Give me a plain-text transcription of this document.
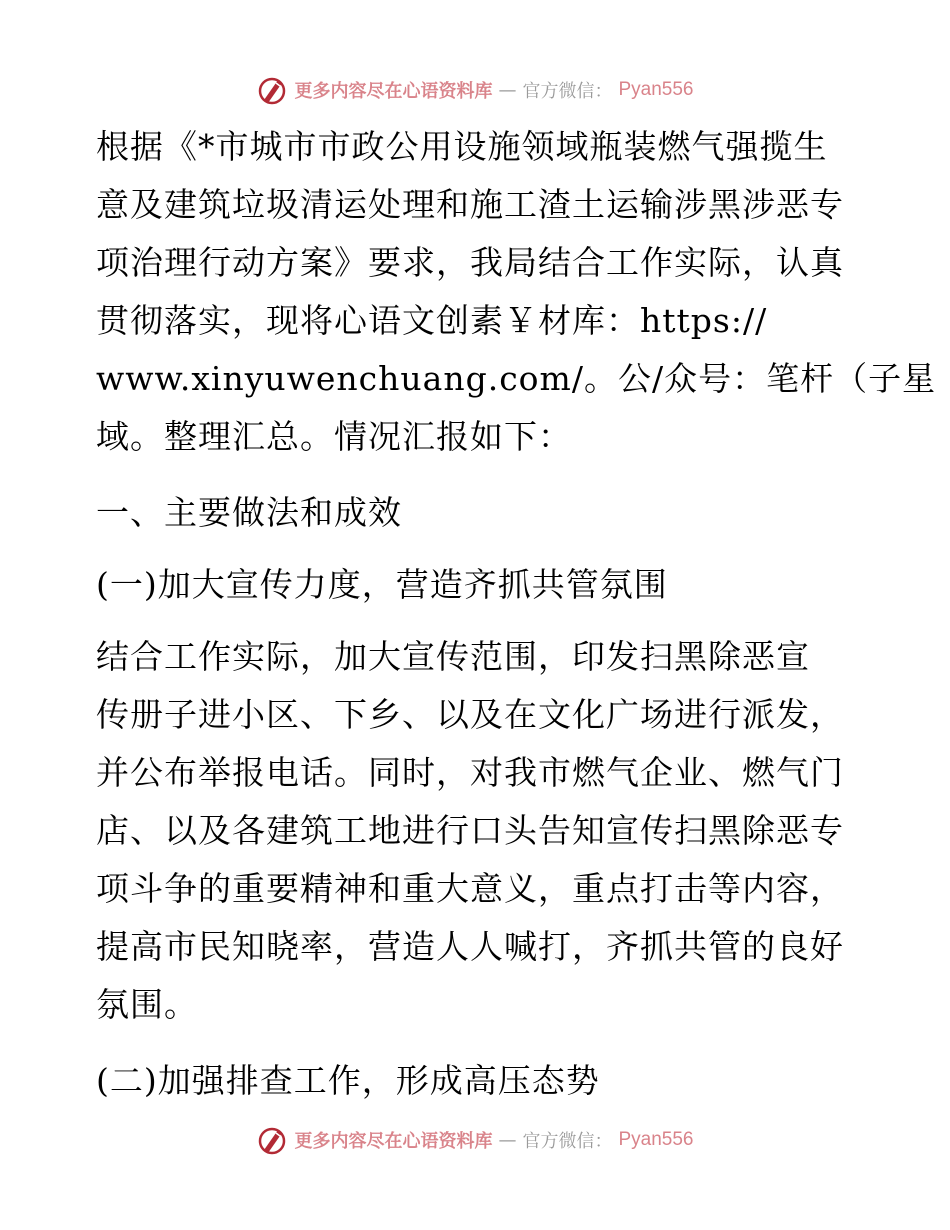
更多内容尽在心语资料库 — 官方微信： Pyan556
根据《*市城市市政公用设施领域瓶装燃气强揽生
意及建筑垃圾清运处理和施工渣土运输涉黑涉恶专
项治理行动方案》要求，我局结合工作实际，认真
贯彻落实，现将心语文创素￥材库：https://
www.xinyuwenchuang.com/。公/众号：笔杆（子星
域。整理汇总。情况汇报如下：
一、主要做法和成效
(一)加大宣传力度，营造齐抓共管氛围
结合工作实际，加大宣传范围，印发扫黑除恶宣
传册子进小区、下乡、以及在文化广场进行派发，
并公布举报电话。同时，对我市燃气企业、燃气门
店、以及各建筑工地进行口头告知宣传扫黑除恶专
项斗争的重要精神和重大意义，重点打击等内容，
提高市民知晓率，营造人人喊打，齐抓共管的良好
氛围。
(二)加强排查工作，形成高压态势
更多内容尽在心语资料库 — 官方微信： Pyan556
